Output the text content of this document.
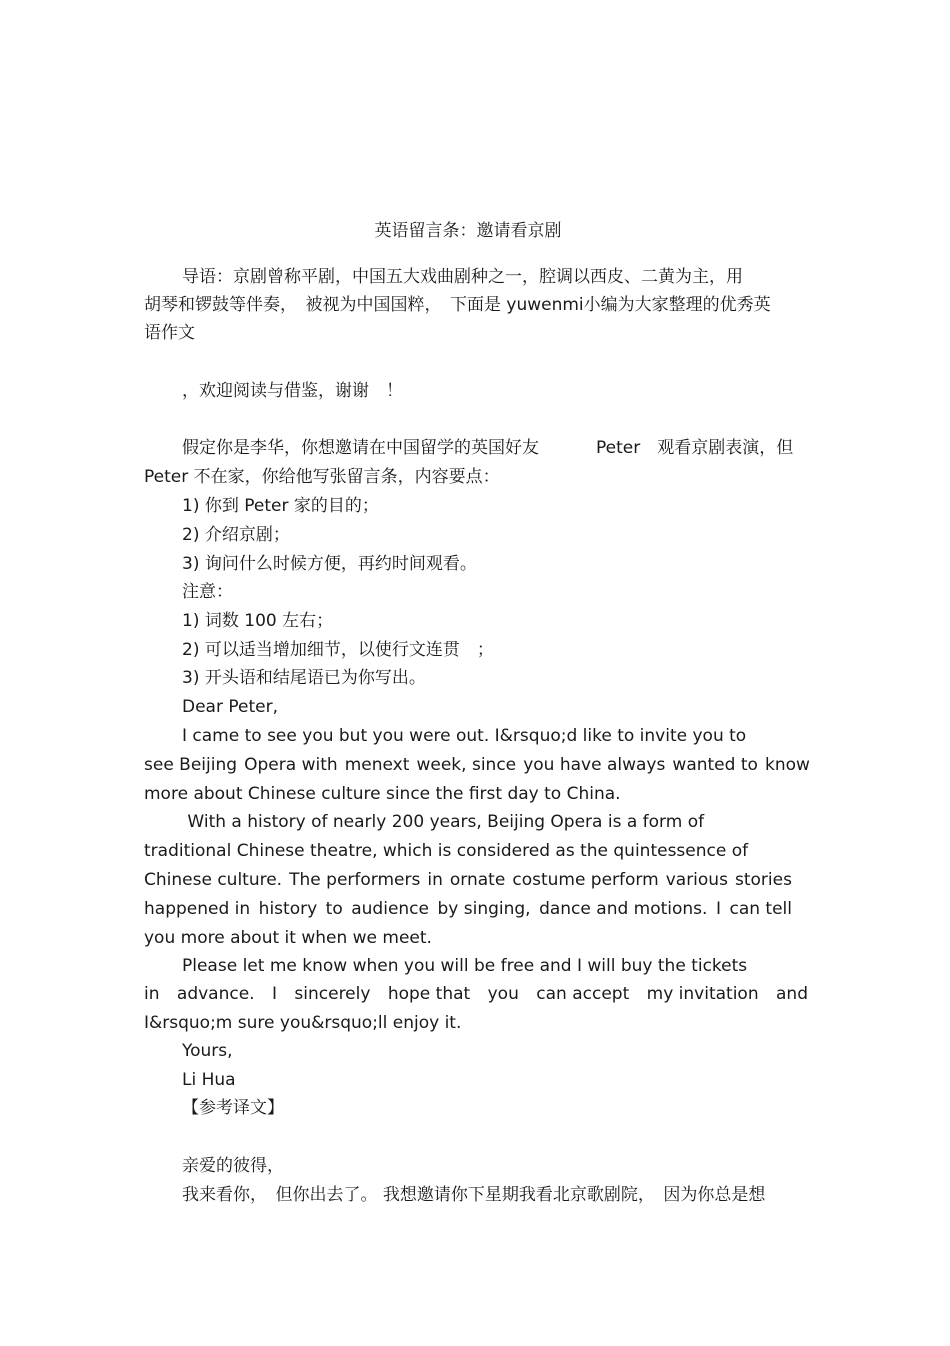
英语留言条：邀请看京剧
导语：京剧曾称平剧，中国五大戏曲剧种之一，腔调以西皮、二黄为主，用
胡琴和锣鼓等伴奏，　被视为中国国粹，　下面是 yuwenmi小编为大家整理的优秀英
语作文
，欢迎阅读与借鉴，谢谢　！
假定你是李华，你想邀请在中国留学的英国好友	Peter　观看京剧表演，但
Peter 不在家，你给他写张留言条，内容要点：
1) 你到 Peter 家的目的；
2) 介绍京剧；
3) 询问什么时候方便，再约时间观看。
注意：
1) 词数 100 左右；
2) 可以适当增加细节，以使行文连贯　；
3) 开头语和结尾语已为你写出。
Dear Peter,
I came to see you but you were out. I&rsquo;d like to invite you to
see Beijing Opera with menext week, since you have always wanted to know
more about Chinese culture since the first day to China.
With a history of nearly 200 years, Beijing Opera is a form of
traditional Chinese theatre, which is considered as the quintessence of
Chinese culture. The performers in ornate costume perform various stories
happened in history to audience by singing, dance and motions. I can tell
you more about it when we meet.
Please let me know when you will be free and I will buy the tickets
in advance. I sincerely hope that you can accept my invitation and
I&rsquo;m sure you&rsquo;ll enjoy it.
Yours,
Li Hua
【参考译文】
亲爱的彼得，
我来看你，　但你出去了。 我想邀请你下星期我看北京歌剧院，　因为你总是想
